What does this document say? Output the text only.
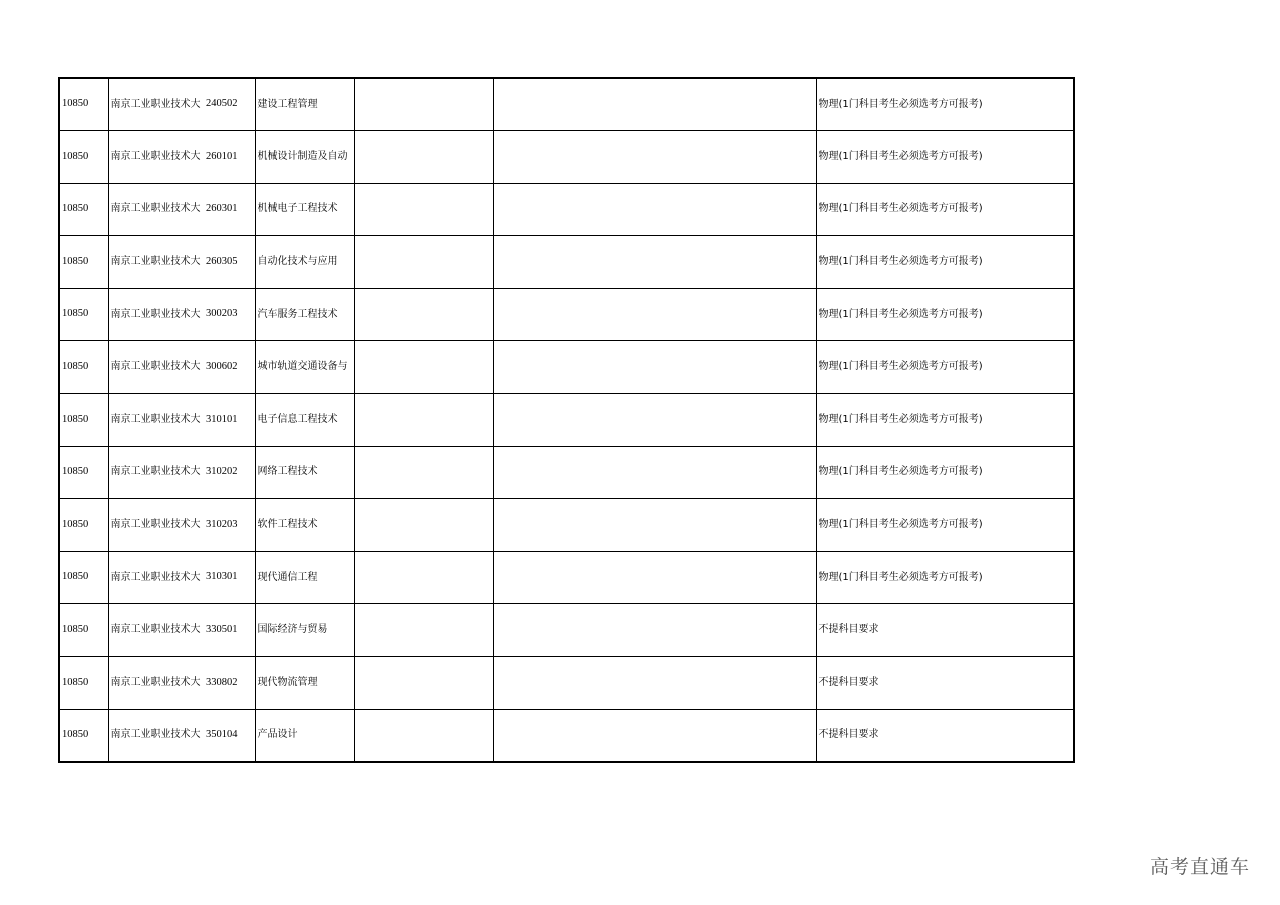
10850	南京工业职业技术大	240502	建设工程管理			物理(1门科目考生必须选考方可报考)
10850	南京工业职业技术大	260101	机械设计制造及自动			物理(1门科目考生必须选考方可报考)
10850	南京工业职业技术大	260301	机械电子工程技术			物理(1门科目考生必须选考方可报考)
10850	南京工业职业技术大	260305	自动化技术与应用			物理(1门科目考生必须选考方可报考)
10850	南京工业职业技术大	300203	汽车服务工程技术			物理(1门科目考生必须选考方可报考)
10850	南京工业职业技术大	300602	城市轨道交通设备与			物理(1门科目考生必须选考方可报考)
10850	南京工业职业技术大	310101	电子信息工程技术			物理(1门科目考生必须选考方可报考)
10850	南京工业职业技术大	310202	网络工程技术			物理(1门科目考生必须选考方可报考)
10850	南京工业职业技术大	310203	软件工程技术			物理(1门科目考生必须选考方可报考)
10850	南京工业职业技术大	310301	现代通信工程			物理(1门科目考生必须选考方可报考)
10850	南京工业职业技术大	330501	国际经济与贸易			不提科目要求
10850	南京工业职业技术大	330802	现代物流管理			不提科目要求
10850	南京工业职业技术大	350104	产品设计			不提科目要求
高考直通车
